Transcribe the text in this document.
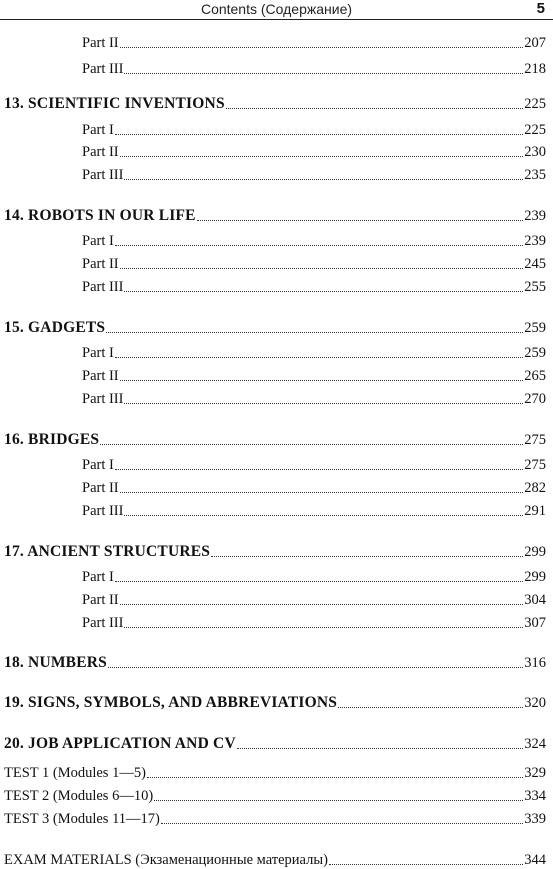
Contents (Содержание)	5
Part II	207
Part III	218
13. SCIENTIFIC INVENTIONS	225
Part I	225
Part II	230
Part III	235
14. ROBOTS IN OUR LIFE	239
Part I	239
Part II	245
Part III	255
15. GADGETS	259
Part I	259
Part II	265
Part III	270
16. BRIDGES	275
Part I	275
Part II	282
Part III	291
17. ANCIENT STRUCTURES	299
Part I	299
Part II	304
Part III	307
18. NUMBERS	316
19. SIGNS, SYMBOLS, AND ABBREVIATIONS	320
20. JOB APPLICATION AND CV	324
TEST 1 (Modules 1—5)	329
TEST 2 (Modules 6—10)	334
TEST 3 (Modules 11—17)	339
EXAM MATERIALS (Экзаменационные материалы)	344
